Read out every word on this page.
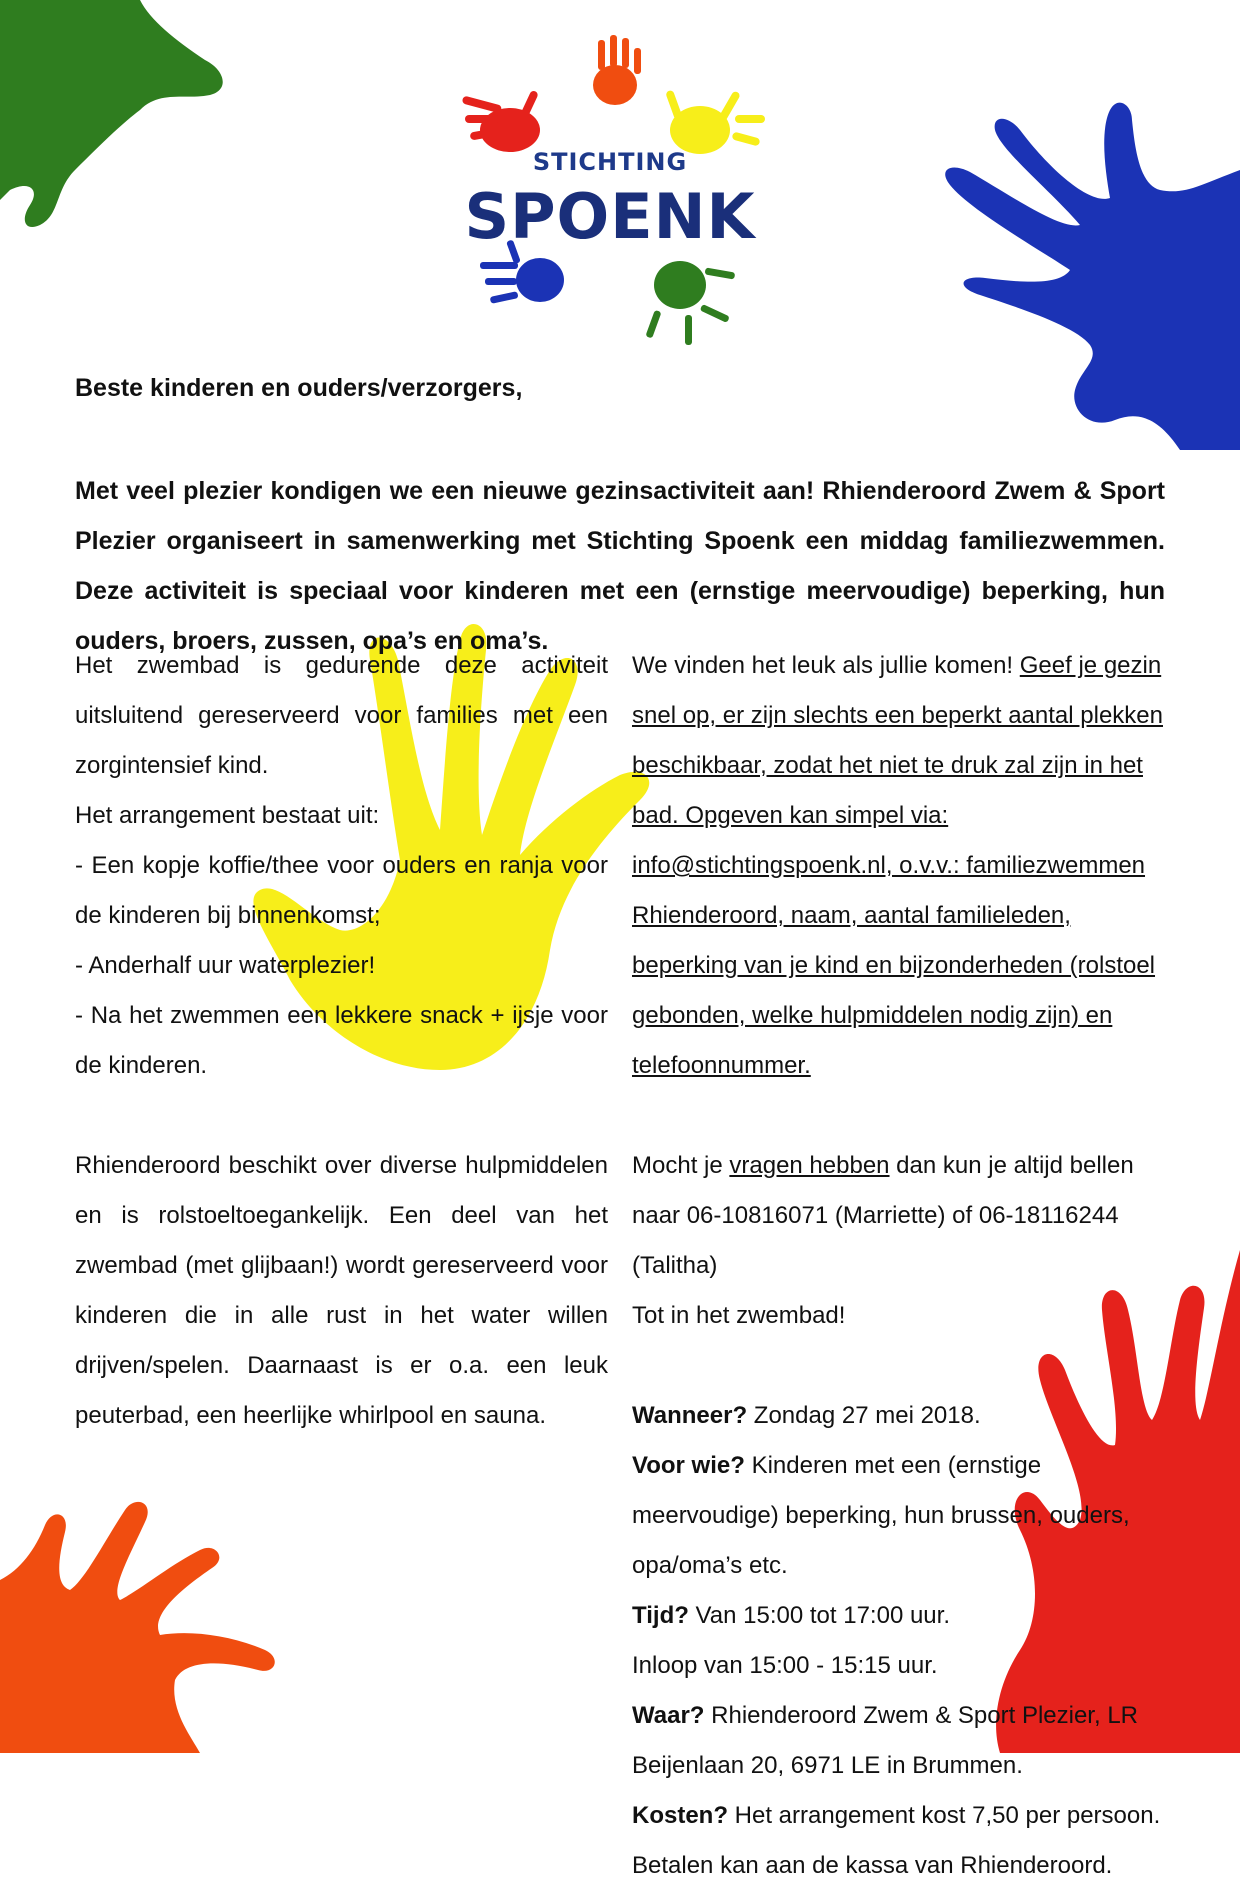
STICHTING
SPOENK
Beste kinderen en ouders/verzorgers,
Met veel plezier kondigen we een nieuwe gezinsactiviteit aan! Rhienderoord Zwem & Sport Plezier organiseert in samenwerking met Stichting Spoenk een middag familiezwemmen. Deze activiteit is speciaal voor kinderen met een (ernstige meervoudige) beperking, hun ouders, broers, zussen, opa’s en oma’s.

Het zwembad is gedurende deze activiteit uitsluitend gereserveerd voor families met een zorgintensief kind.

Het arrangement bestaat uit:

- Een kopje koffie/thee voor ouders en ranja voor de kinderen bij binnenkomst;

- Anderhalf uur waterplezier!

- Na het zwemmen een lekkere snack + ijsje voor de kinderen.

Rhienderoord beschikt over diverse hulpmiddelen en is rolstoeltoegankelijk. Een deel van het zwembad (met glijbaan!) wordt gereserveerd voor kinderen die in alle rust in het water willen drijven/spelen. Daarnaast is er o.a. een leuk peuterbad, een heerlijke whirlpool en sauna.

We vinden het leuk als jullie komen! Geef je gezin snel op, er zijn slechts een beperkt aantal plekken beschikbaar, zodat het niet te druk zal zijn in het bad. Opgeven kan simpel via: info@stichtingspoenk.nl, o.v.v.: familiezwemmen Rhienderoord, naam, aantal familieleden, beperking van je kind en bijzonderheden (rolstoel gebonden, welke hulpmiddelen nodig zijn) en telefoonnummer.

Mocht je vragen hebben dan kun je altijd bellen naar 06-10816071 (Marriette) of 06-18116244 (Talitha)

Tot in het zwembad!

Wanneer? Zondag 27 mei 2018.

Voor wie? Kinderen met een (ernstige meervoudige) beperking, hun brussen, ouders, opa/oma’s etc.

Tijd? Van 15:00 tot 17:00 uur.

Inloop van 15:00 - 15:15 uur.

Waar? Rhienderoord Zwem & Sport Plezier, LR Beijenlaan 20, 6971 LE in Brummen.

Kosten? Het arrangement kost 7,50 per persoon.

Betalen kan aan de kassa van Rhienderoord.
